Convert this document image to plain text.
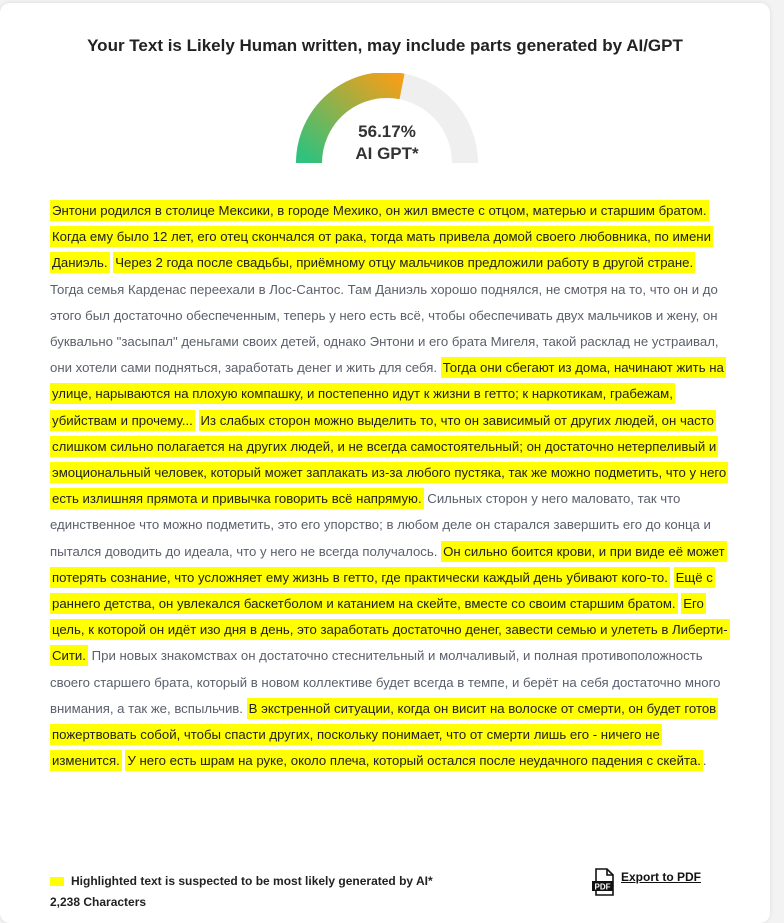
Your Text is Likely Human written, may include parts generated by AI/GPT
56.17%
AI GPT*
Энтони родился в столице Мексики, в городе Мехико, он жил вместе с отцом, матерью и старшим братом. Когда ему было 12 лет, его отец скончался от рака, тогда мать привела домой своего любовника, по имени Даниэль. Через 2 года после свадьбы, приёмному отцу мальчиков предложили работу в другой стране. Тогда семья Карденас переехали в Лос-Сантос. Там Даниэль хорошо поднялся, не смотря на то, что он и до этого был достаточно обеспеченным, теперь у него есть всё, чтобы обеспечивать двух мальчиков и жену, он буквально "засыпал" деньгами своих детей, однако Энтони и его брата Мигеля, такой расклад не устраивал, они хотели сами подняться, заработать денег и жить для себя. Тогда они сбегают из дома, начинают жить на улице, нарываются на плохую компашку, и постепенно идут к жизни в гетто; к наркотикам, грабежам, убийствам и прочему... Из слабых сторон можно выделить то, что он зависимый от других людей, он часто слишком сильно полагается на других людей, и не всегда самостоятельный; он достаточно нетерпеливый и эмоциональный человек, который может заплакать из-за любого пустяка, так же можно подметить, что у него есть излишняя прямота и привычка говорить всё напрямую. Сильных сторон у него маловато, так что единственное что можно подметить, это его упорство; в любом деле он старался завершить его до конца и пытался доводить до идеала, что у него не всегда получалось. Он сильно боится крови, и при виде её может потерять сознание, что усложняет ему жизнь в гетто, где практически каждый день убивают кого-то. Ещё с раннего детства, он увлекался баскетболом и катанием на скейте, вместе со своим старшим братом. Его цель, к которой он идёт изо дня в день, это заработать достаточно денег, завести семью и улететь в Либерти-Сити. При новых знакомствах он достаточно стеснительный и молчаливый, и полная противоположность своего старшего брата, который в новом коллективе будет всегда в темпе, и берёт на себя достаточно много внимания, а так же, вспыльчив. В экстренной ситуации, когда он висит на волоске от смерти, он будет готов пожертвовать собой, чтобы спасти других, поскольку понимает, что от смерти лишь его - ничего не изменится. У него есть шрам на руке, около плеча, который остался после неудачного падения с скейта. .
Highlighted text is suspected to be most likely generated by AI*
2,238 Characters
PDF
Export to PDF
